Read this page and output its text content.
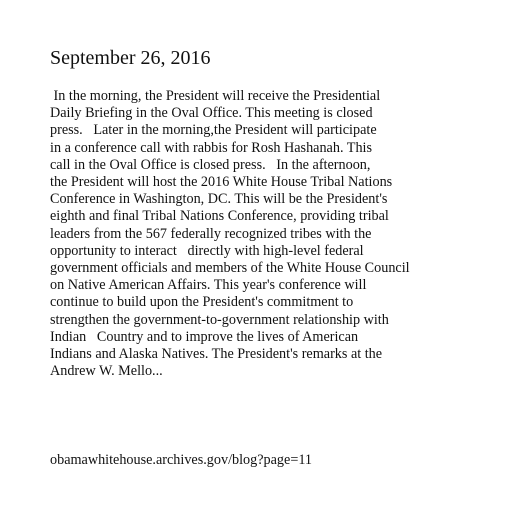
September 26, 2016
In the morning, the President will receive the Presidential
Daily Briefing in the Oval Office. This meeting is closed
press.   Later in the morning,the President will participate
in a conference call with rabbis for Rosh Hashanah. This
call in the Oval Office is closed press.   In the afternoon,
the President will host the 2016 White House Tribal Nations
Conference in Washington, DC. This will be the President's
eighth and final Tribal Nations Conference, providing tribal
leaders from the 567 federally recognized tribes with the
opportunity to interact   directly with high-level federal
government officials and members of the White House Council
on Native American Affairs. This year's conference will
continue to build upon the President's commitment to
strengthen the government-to-government relationship with
Indian   Country and to improve the lives of American
Indians and Alaska Natives. The President's remarks at the
Andrew W. Mello...

obamawhitehouse.archives.gov/blog?page=11
